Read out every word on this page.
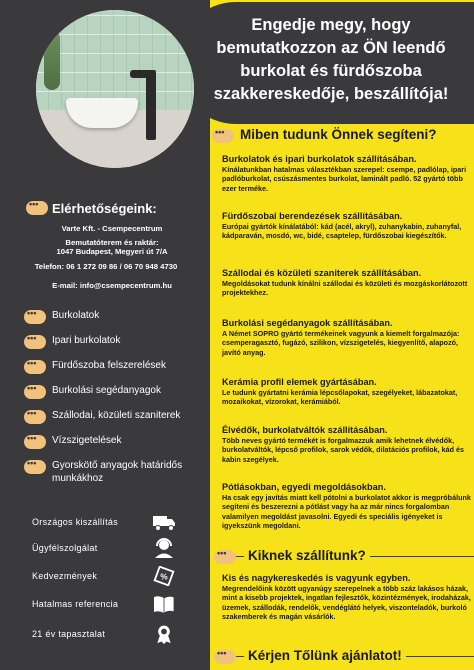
Engedje megy, hogy bemutatkozzon az ÖN leendő burkolat és fürdőszoba szakkereskedője, beszállítója!

•••
Elérhetőségeink:
Varte Kft. - Csempecentrum
Bemutatóterem és raktár:
1047 Budapest, Megyeri út 7/A
Telefon: 06 1 272 09 86 / 06 70 948 4730
E-mail: info@csempecentrum.hu
•••
Burkolatok
•••
Ipari burkolatok
•••
Fürdőszoba felszerelések
•••
Burkolási segédanyagok
•••
Szállodai, közületi szaniterek
•••
Vízszigetelések
•••
Gyorskötő anyagok határidős
munkákhoz
Országos kiszállítás
Ügyfélszolgálat
Kedvezmények	%
Hatalmas referencia
21 év tapasztalat
•••
Miben tudunk Önnek segíteni?
Burkolatok és ipari burkolatok szállításában.

Kínálatunkban hatalmas választékban szerepel: csempe, padlólap, ipari padlóburkolat, csúszásmentes burkolat, laminált padló. 52 gyártó több ezer terméke.

Fürdőszobai berendezések szállításában.

Európai gyártók kínálatából: kád (acél, akryl), zuhanykabin, zuhanyfal, kádparaván, mosdó, wc, bidé, csaptelep, fürdőszobai kiegészítők.

Szállodai és közületi szaniterek szállításában.

Megoldásokat tudunk kínálni szállodai és közületi és mozgáskorlátozott projektekhez.

Burkolási segédanyagok szállításában.

A Német SOPRO gyártó termékeinek vagyunk a kiemelt forgalmazója: csemperagasztó, fugázó, szilikon, vízszigetelés, kiegyenlítő, alapozó, javító anyag.

Kerámia profil elemek gyártásában.

Le tudunk gyártatni kerámia lépcsőlapokat, szegélyeket, lábazatokat, mozaikokat, vízorokat, kerámiából.

Élvédők, burkolatváltók szállításában.

Több neves gyártó termékét is forgalmazzuk amik lehetnek élvédők, burkolatváltók, lépcső profilok, sarok védők, dilatációs profilok, kád és kabin szegélyek.

Pótlásokban, egyedi megoldásokban.

Ha csak egy javítás miatt kell pótolni a burkolatot akkor is megpróbálunk segíteni és beszerezni a pótlást vagy ha az már nincs forgalomban valamilyen megoldást javasolni. Egyedi és speciális igényeket is igyekszünk megoldani.

•••
Kiknek szállítunk?
Kis és nagykereskedés is vagyunk egyben.

Megrendelőink között ugyanúgy szerepelnek a több száz lakásos házak, mint a kisebb projektek, ingatlan fejlesztők, közintézmények, irodaházak, üzemek, szállodák, rendelők, vendéglátó helyek, viszonteladók, burkoló szakemberek és magán vásárlók.

•••
Kérjen Tőlünk ajánlatot!
